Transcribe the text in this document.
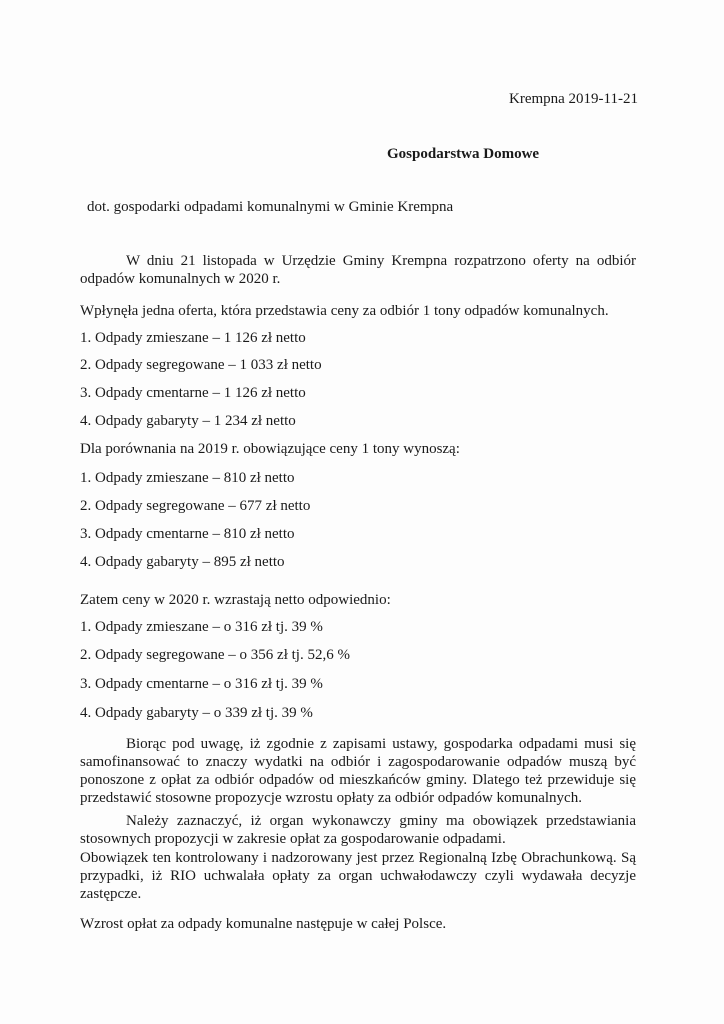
Krempna 2019-11-21
Gospodarstwa Domowe
dot. gospodarki odpadami komunalnymi w Gminie Krempna
W dniu 21 listopada w Urzędzie Gminy Krempna rozpatrzono oferty na odbiór odpadów komunalnych w 2020 r.
Wpłynęła jedna oferta, która przedstawia ceny za odbiór 1 tony odpadów komunalnych.
1. Odpady zmieszane – 1 126 zł netto
2. Odpady segregowane – 1 033 zł netto
3. Odpady cmentarne – 1 126 zł netto
4. Odpady gabaryty – 1 234 zł netto
Dla porównania na 2019 r. obowiązujące ceny 1 tony wynoszą:
1. Odpady zmieszane – 810 zł netto
2. Odpady segregowane – 677 zł netto
3. Odpady cmentarne – 810 zł netto
4. Odpady gabaryty – 895 zł netto
Zatem ceny w 2020 r. wzrastają netto odpowiednio:
1. Odpady zmieszane – o 316 zł tj. 39 %
2. Odpady segregowane – o 356 zł tj. 52,6 %
3. Odpady cmentarne – o 316 zł tj. 39 %
4. Odpady gabaryty – o 339 zł tj. 39 %
Biorąc pod uwagę, iż zgodnie z zapisami ustawy, gospodarka odpadami musi się samofinansować to znaczy wydatki na odbiór i zagospodarowanie odpadów muszą być ponoszone z opłat za odbiór odpadów od mieszkańców gminy. Dlatego też przewiduje się przedstawić stosowne propozycje wzrostu opłaty za odbiór odpadów komunalnych.
Należy zaznaczyć, iż organ wykonawczy gminy ma obowiązek przedstawiania stosownych propozycji w zakresie opłat za gospodarowanie odpadami.
Obowiązek ten kontrolowany i nadzorowany jest przez Regionalną Izbę Obrachunkową. Są przypadki, iż RIO uchwalała opłaty za organ uchwałodawczy czyli wydawała decyzje zastępcze.
Wzrost opłat za odpady komunalne następuje w całej Polsce.
